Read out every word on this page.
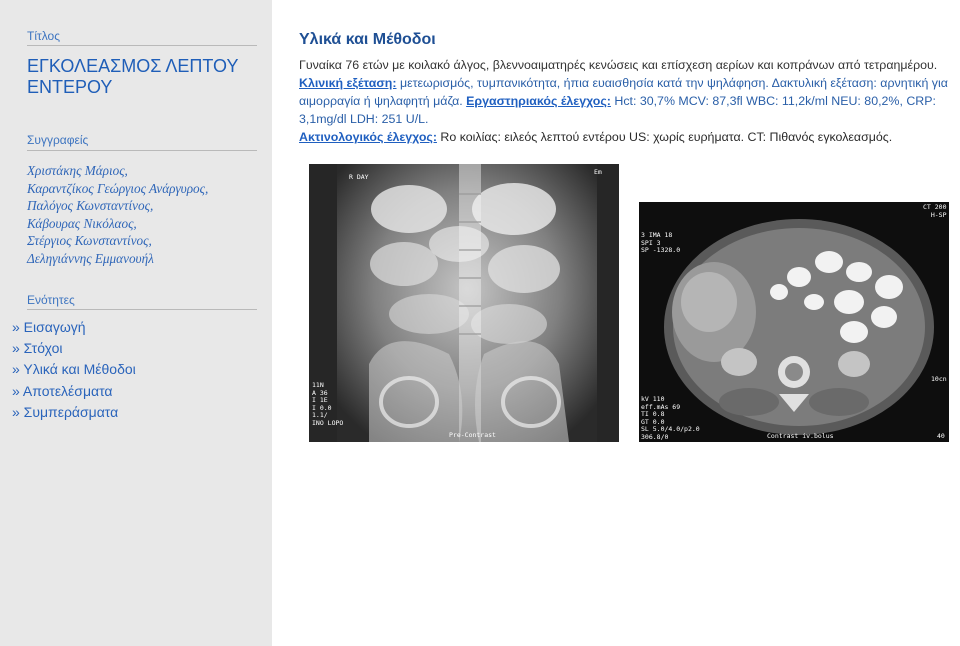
Τίτλος
ΕΓΚΟΛΕΑΣΜΟΣ ΛΕΠΤΟΥ ΕΝΤΕΡΟΥ
Συγγραφείς
Χριστάκης Μάριος,
Καραντζίκος Γεώργιος Ανάργυρος,
Παλόγος Κωνσταντίνος,
Κάβουρας Νικόλαος,
Στέργιος Κωνσταντίνος,
Δεληγιάννης Εμμανουήλ
Ενότητες
» Εισαγωγή
» Στόχοι
» Υλικά και Μέθοδοι
» Αποτελέσματα
» Συμπεράσματα
Υλικά και Μέθοδοι

Γυναίκα 76 ετών με κοιλακό άλγος, βλεννοαιματηρές κενώσεις και επίσχεση αερίων και κοπράνων από τετραημέρου.

Κλινική εξέταση: μετεωρισμός, τυμπανικότητα, ήπια ευαισθησία κατά την ψηλάφηση. Δακτυλική εξέταση: αρνητική για αιμορραγία ή ψηλαφητή μάζα. Εργαστηριακός έλεγχος: Hct: 30,7% MCV: 87,3fl WBC: 11,2k/ml NEU: 80,2%, CRP: 3,1mg/dl LDH: 251 U/L.

Ακτινολογικός έλεγχος: Ro κοιλίας: ειλεός λεπτού εντέρου US: χωρίς ευρήματα. CT: Πιθανός εγκολεασμός.

R DAY
Em
11N
A 36
I 1E
I 0.0
1.1/
INO LOPO
Pre-Contrast
3 IMA 18
SPI 3
SP -1328.0
CT 200
H-SP
10cn
kV 110
eff.mAs 69
TI 0.8
GT 0.0
SL 5.0/4.0/p2.0
306.8/0	Contrast iv.bolus	40
